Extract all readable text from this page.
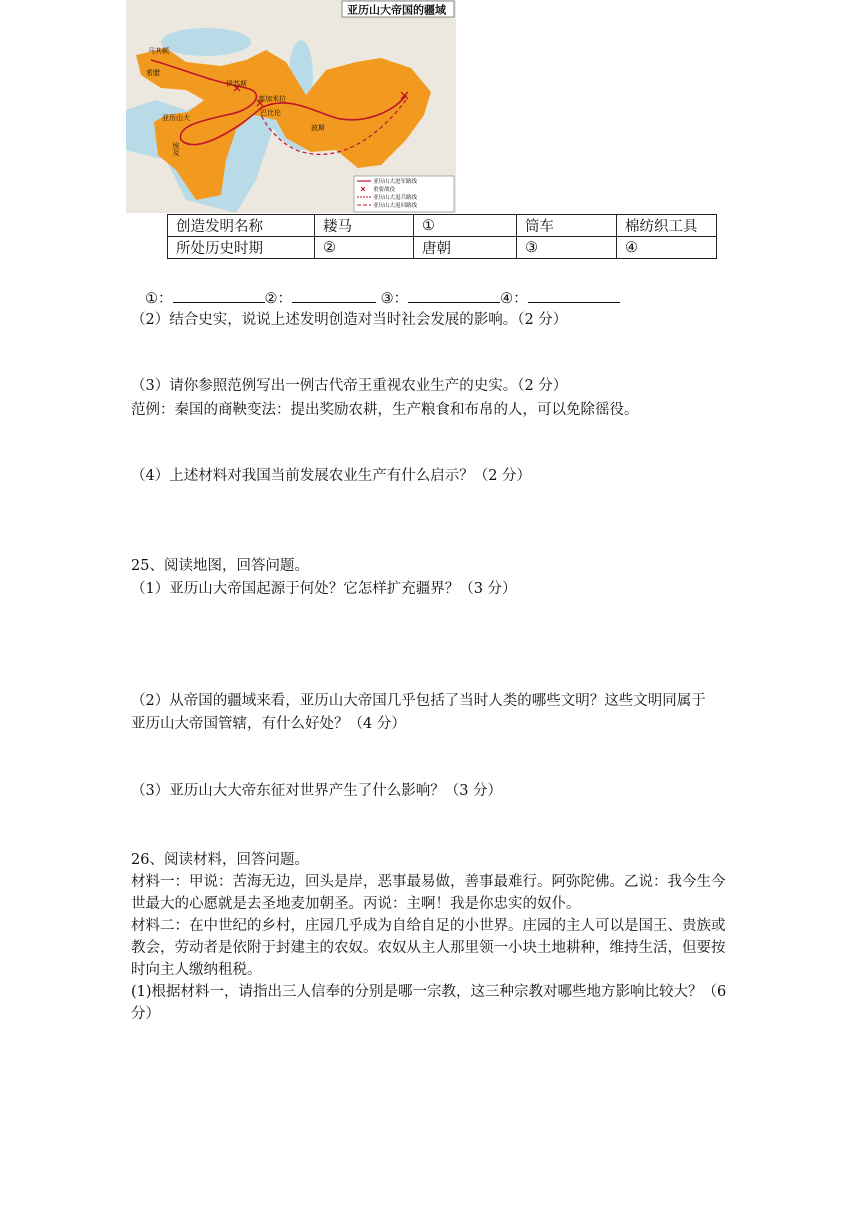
亚历山大帝国的疆域
马其顿
希腊
伊苏斯
亚历山大
埃及
高加米拉
巴比伦
波斯
亚历山大进军路线
重要战役
亚历山大退兵路线
亚历山大返回路线
创造发明名称	耧马	①	筒车	棉纺织工具
所处历史时期	②	唐朝	③	④
①：	②：	③：	④：
（2）结合史实，说说上述发明创造对当时社会发展的影响。（2 分）
（3）请你参照范例写出一例古代帝王重视农业生产的史实。（2 分）
范例：秦国的商鞅变法：提出奖励农耕，生产粮食和布帛的人，可以免除徭役。
（4）上述材料对我国当前发展农业生产有什么启示？（2 分）
25、阅读地图，回答问题。
（1）亚历山大帝国起源于何处？它怎样扩充疆界？（3 分）
（2）从帝国的疆域来看，亚历山大帝国几乎包括了当时人类的哪些文明？这些文明同属于
亚历山大帝国管辖，有什么好处？（4 分）
（3）亚历山大大帝东征对世界产生了什么影响？（3 分）
26、阅读材料，回答问题。
材料一：甲说：苦海无边，回头是岸，恶事最易做，善事最难行。阿弥陀佛。乙说：我今生今世最大的心愿就是去圣地麦加朝圣。丙说：主啊！我是你忠实的奴仆。
材料二：在中世纪的乡村，庄园几乎成为自给自足的小世界。庄园的主人可以是国王、贵族或教会，劳动者是依附于封建主的农奴。农奴从主人那里领一小块土地耕种，维持生活，但要按时向主人缴纳租税。
(1)根据材料一，请指出三人信奉的分别是哪一宗教，这三种宗教对哪些地方影响比较大？（6 分）
